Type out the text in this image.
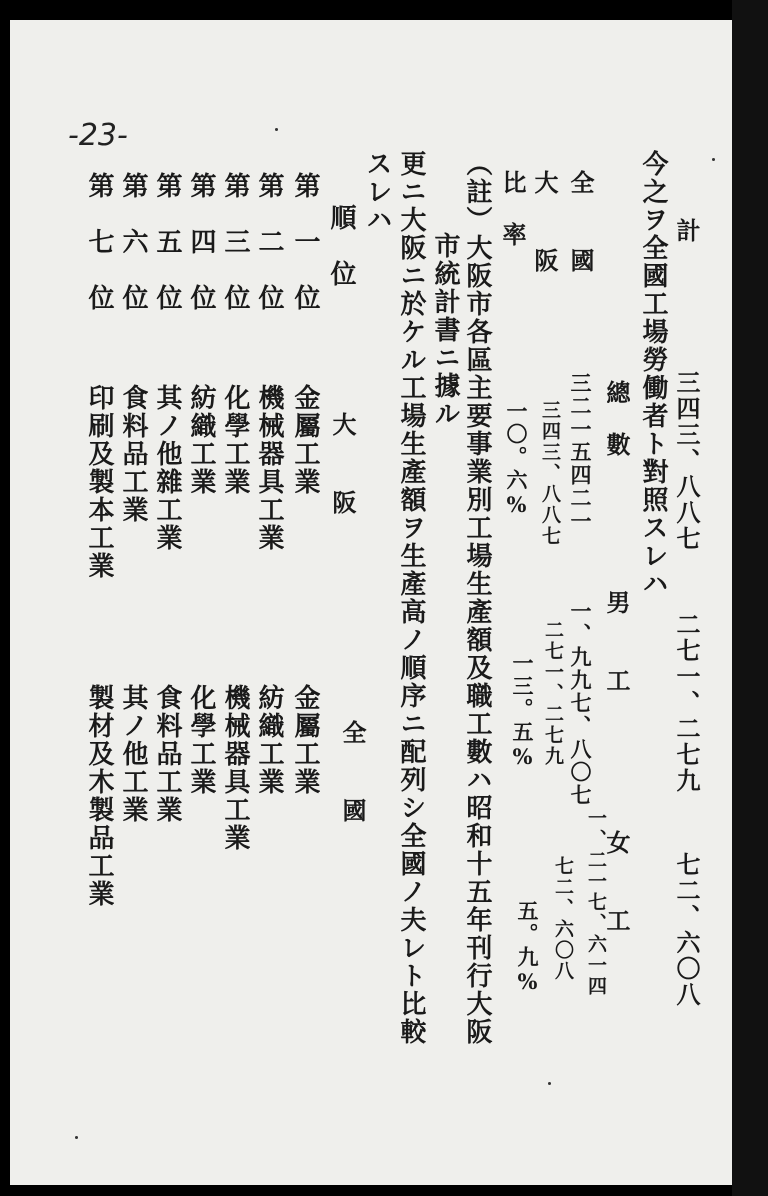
-23-
計
三四三、八八七
二七一、二七九
七二、六〇八
今之ヲ全國工場勞働者ト對照スレハ
總　數
男　　工
女　　工
全　　國
三二一五四二一
一、九九七、八〇七
一、二一七、六一四
大　　阪
三四三、八八七
二七一、二七九
七二、六〇八
比　率
一〇。六%
一三。五%
五。九%
（註）大阪市各區主要事業別工場生產額及職工數ハ昭和十五年刊行大阪
市統計書ニ據ル
更ニ大阪ニ於ケル工場生產額ヲ生產高ノ順序ニ配列シ全國ノ夫レト比較
スレハ
順　位
大　　阪
全　　國
第　一　位
第　二　位
第　三　位
第　四　位
第　五　位
第　六　位
第　七　位
金屬工業
機械器具工業
化學工業
紡織工業
其ノ他雜工業
食料品工業
印刷及製本工業
金屬工業
紡織工業
機械器具工業
化學工業
食料品工業
其ノ他工業
製材及木製品工業
